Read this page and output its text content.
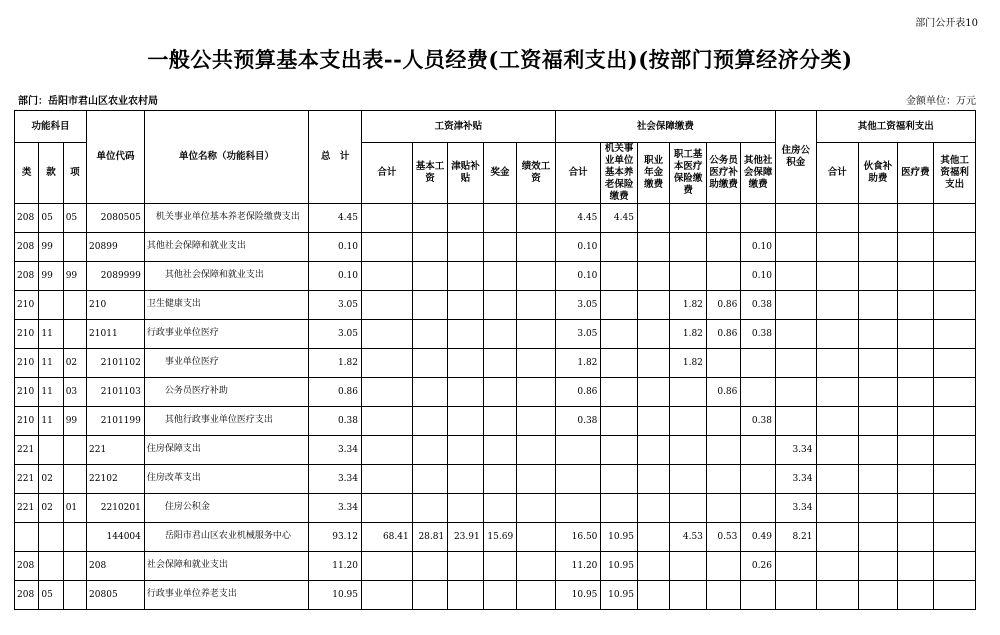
部门公开表10
一般公共预算基本支出表--人员经费(工资福利支出)(按部门预算经济分类)
部门：岳阳市君山区农业农村局	金额单位：万元
功能科目			单位代码	单位名称（功能科目）	总　计	工资津补贴					社会保障缴费						住房公积金	其他工资福利支出			
类	款	项				合计	基本工资	津贴补贴	奖金	绩效工资	合计	机关事业单位基本养老保险缴费	职业年金缴费	职工基本医疗保险缴费	公务员医疗补助缴费	其他社会保障缴费		合计	伙食补助费	医疗费	其他工资福利支出
208	05	05	2080505	　机关事业单位基本养老保险缴费支出	4.45						4.45	4.45									
208	99		20899	其他社会保障和就业支出	0.10						0.10					0.10					
208	99	99	2089999	其他社会保障和就业支出	0.10						0.10					0.10					
210			210	卫生健康支出	3.05						3.05			1.82	0.86	0.38					
210	11		21011	行政事业单位医疗	3.05						3.05			1.82	0.86	0.38					
210	11	02	2101102	事业单位医疗	1.82						1.82			1.82							
210	11	03	2101103	公务员医疗补助	0.86						0.86				0.86						
210	11	99	2101199	其他行政事业单位医疗支出	0.38						0.38					0.38					
221			221	住房保障支出	3.34												3.34				
221	02		22102	住房改革支出	3.34												3.34				
221	02	01	2210201	住房公积金	3.34												3.34				
			144004	岳阳市君山区农业机械服务中心	93.12	68.41	28.81	23.91	15.69		16.50	10.95		4.53	0.53	0.49	8.21				
208			208	社会保障和就业支出	11.20						11.20	10.95				0.26					
208	05		20805	行政事业单位养老支出	10.95						10.95	10.95									
